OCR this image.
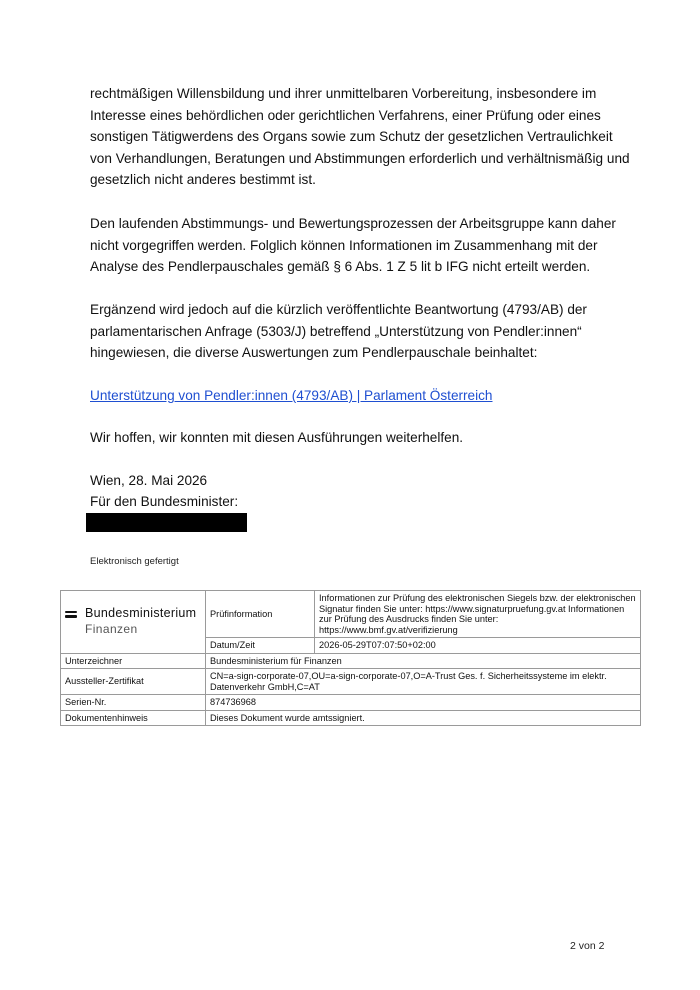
rechtmäßigen Willensbildung und ihrer unmittelbaren Vorbereitung, insbesondere im Interesse eines behördlichen oder gerichtlichen Verfahrens, einer Prüfung oder eines sonstigen Tätigwerdens des Organs sowie zum Schutz der gesetzlichen Vertraulichkeit von Verhandlungen, Beratungen und Abstimmungen erforderlich und verhältnismäßig und gesetzlich nicht anderes bestimmt ist.

Den laufenden Abstimmungs- und Bewertungsprozessen der Arbeitsgruppe kann daher nicht vorgegriffen werden. Folglich können Informationen im Zusammenhang mit der Analyse des Pendlerpauschales gemäß § 6 Abs. 1 Z 5 lit b IFG nicht erteilt werden.

Ergänzend wird jedoch auf die kürzlich veröffentlichte Beantwortung (4793/AB) der parlamentarischen Anfrage (5303/J) betreffend „Unterstützung von Pendler:innen“ hingewiesen, die diverse Auswertungen zum Pendlerpauschale beinhaltet:

Unterstützung von Pendler:innen (4793/AB) | Parlament Österreich

Wir hoffen, wir konnten mit diesen Ausführungen weiterhelfen.

Wien, 28. Mai 2026

Für den Bundesminister:

Elektronisch gefertigt

Bundesministerium
Finanzen	Prüfinformation	Informationen zur Prüfung des elektronischen Siegels bzw. der elektronischen Signatur finden Sie unter: https://www.signaturpruefung.gv.at Informationen zur Prüfung des Ausdrucks finden Sie unter: https://www.bmf.gv.at/verifizierung
	Datum/Zeit	2026-05-29T07:07:50+02:00
Unterzeichner	Bundesministerium für Finanzen	
Aussteller-Zertifikat	CN=a-sign-corporate-07,OU=a-sign-corporate-07,O=A-Trust Ges. f. Sicherheitssysteme im elektr. Datenverkehr GmbH,C=AT	
Serien-Nr.	874736968	
Dokumentenhinweis	Dieses Dokument wurde amtssigniert.	

2 von 2
